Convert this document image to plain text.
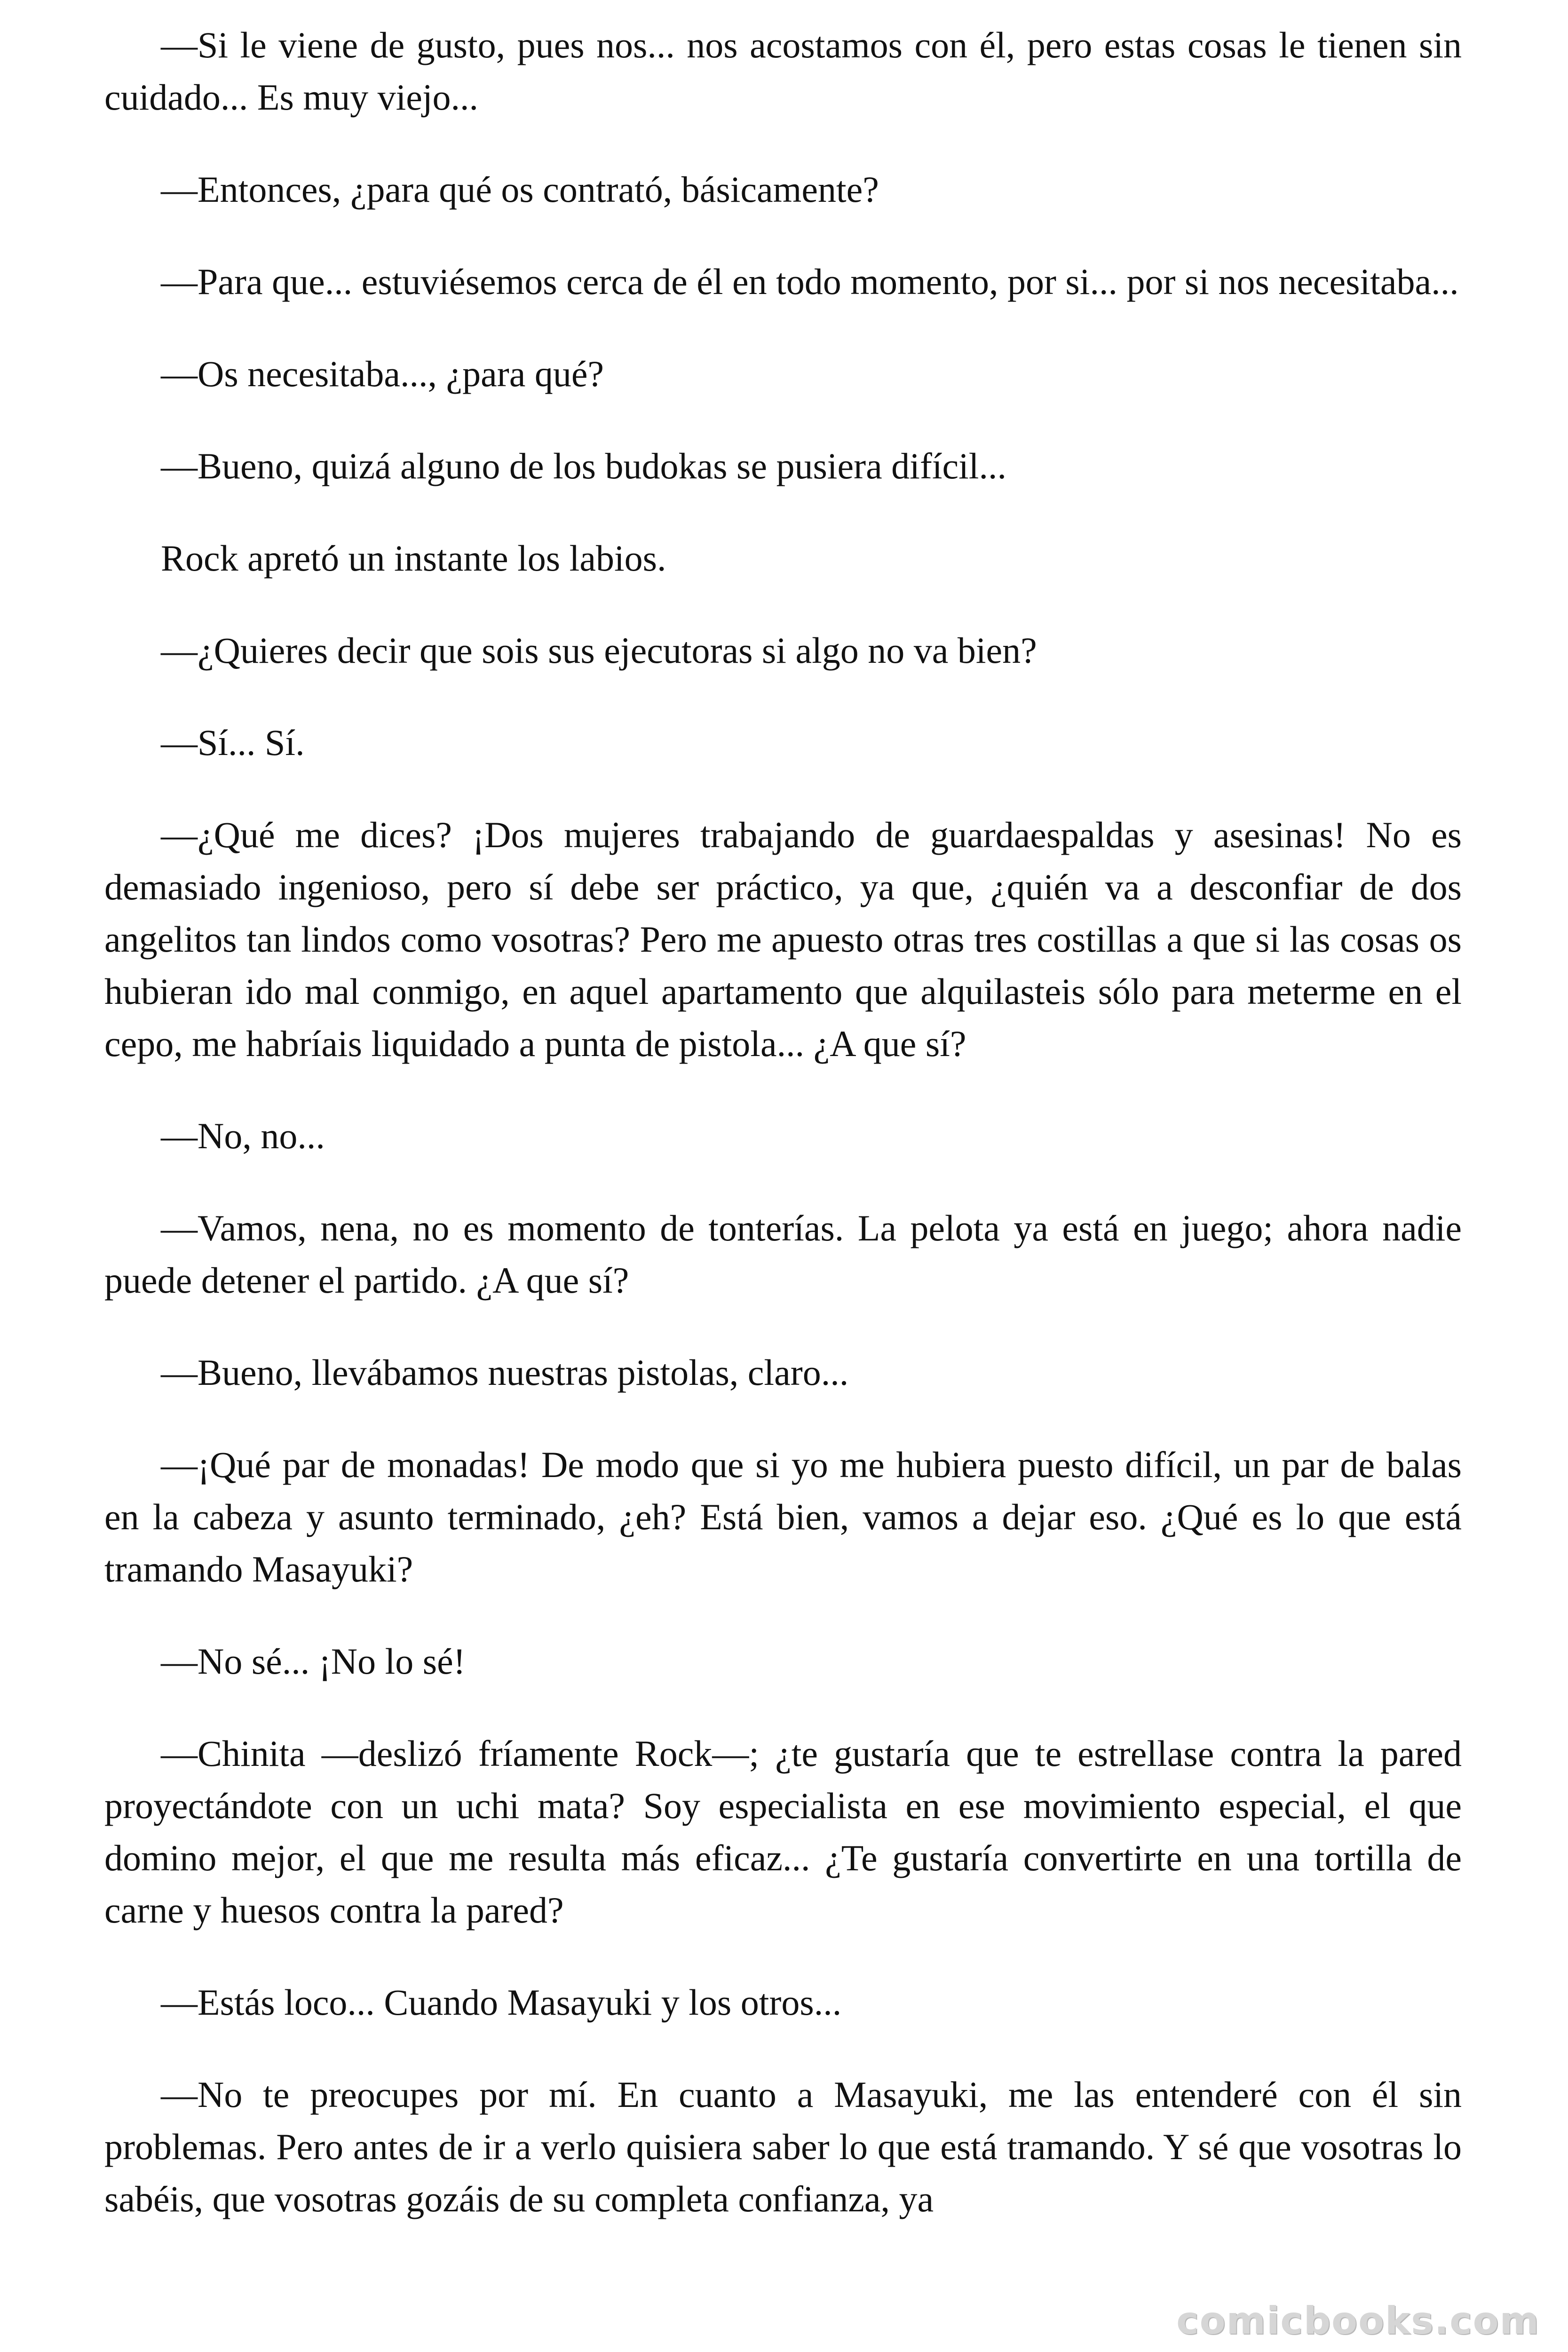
—Si le viene de gusto, pues nos... nos acostamos con él, pero estas cosas le tienen sin cuidado... Es muy viejo...

—Entonces, ¿para qué os contrató, básicamente?

—Para que... estuviésemos cerca de él en todo momento, por si... por si nos necesitaba...

—Os necesitaba..., ¿para qué?

—Bueno, quizá alguno de los budokas se pusiera difícil...

Rock apretó un instante los labios.

—¿Quieres decir que sois sus ejecutoras si algo no va bien?

—Sí... Sí.

—¿Qué me dices? ¡Dos mujeres trabajando de guardaespaldas y asesinas! No es demasiado ingenioso, pero sí debe ser práctico, ya que, ¿quién va a desconfiar de dos angelitos tan lindos como vosotras? Pero me apuesto otras tres costillas a que si las cosas os hubieran ido mal conmigo, en aquel apartamento que alquilasteis sólo para meterme en el cepo, me habríais liquidado a punta de pistola... ¿A que sí?

—No, no...

—Vamos, nena, no es momento de tonterías. La pelota ya está en juego; ahora nadie puede detener el partido. ¿A que sí?

—Bueno, llevábamos nuestras pistolas, claro...

—¡Qué par de monadas! De modo que si yo me hubiera puesto difícil, un par de balas en la cabeza y asunto terminado, ¿eh? Está bien, vamos a dejar eso. ¿Qué es lo que está tramando Masayuki?

—No sé... ¡No lo sé!

—Chinita —deslizó fríamente Rock—; ¿te gustaría que te estrellase contra la pared proyectándote con un uchi mata? Soy especialista en ese movimiento especial, el que domino mejor, el que me resulta más eficaz... ¿Te gustaría convertirte en una tortilla de carne y huesos contra la pared?

—Estás loco... Cuando Masayuki y los otros...

—No te preocupes por mí. En cuanto a Masayuki, me las entenderé con él sin problemas. Pero antes de ir a verlo quisiera saber lo que está tramando. Y sé que vosotras lo sabéis, que vosotras gozáis de su completa confianza, ya

comicbooks.com
